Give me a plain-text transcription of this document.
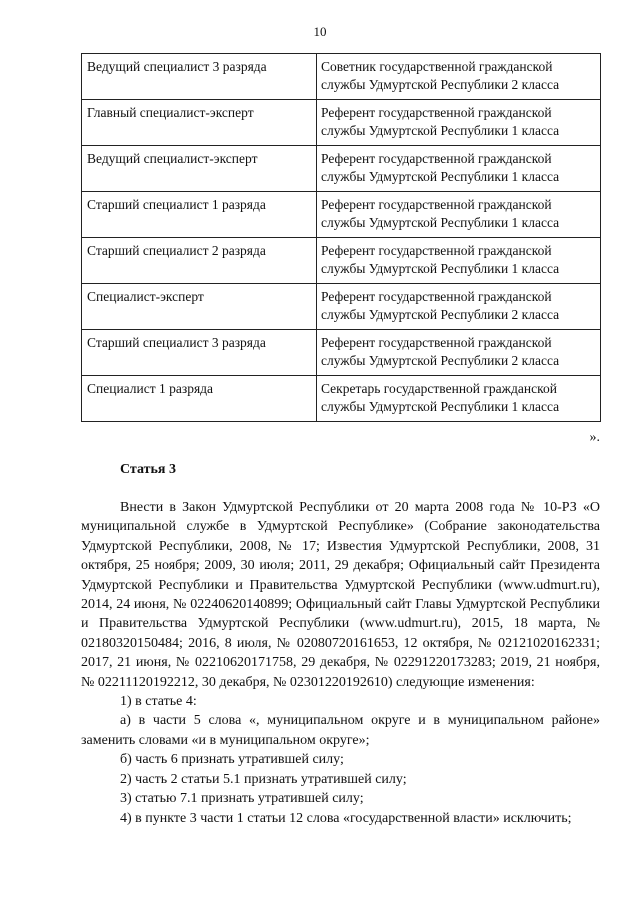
10
Ведущий специалист 3 разряда	Советник государственной гражданской службы Удмуртской Республики 2 класса
Главный специалист-эксперт	Референт государственной гражданской службы Удмуртской Республики 1 класса
Ведущий специалист-эксперт	Референт государственной гражданской службы Удмуртской Республики 1 класса
Старший специалист 1 разряда	Референт государственной гражданской службы Удмуртской Республики 1 класса
Старший специалист 2 разряда	Референт государственной гражданской службы Удмуртской Республики 1 класса
Специалист-эксперт	Референт государственной гражданской службы Удмуртской Республики 2 класса
Старший специалист 3 разряда	Референт государственной гражданской службы Удмуртской Республики 2 класса
Специалист 1 разряда	Секретарь государственной гражданской службы Удмуртской Республики 1 класса
».
Статья 3

Внести в Закон Удмуртской Республики от 20 марта 2008 года № 10-РЗ «О муниципальной службе в Удмуртской Республике» (Собрание законодательства Удмуртской Республики, 2008, № 17; Известия Удмуртской Республики, 2008, 31 октября, 25 ноября; 2009, 30 июля; 2011, 29 декабря; Официальный сайт Президента Удмуртской Республики и Правительства Удмуртской Республики (www.udmurt.ru), 2014, 24 июня, № 02240620140899; Официальный сайт Главы Удмуртской Республики и Правительства Удмуртской Республики (www.udmurt.ru), 2015, 18 марта, № 02180320150484; 2016, 8 июля, № 02080720161653, 12 октября, № 02121020162331; 2017, 21 июня, № 02210620171758, 29 декабря, № 02291220173283; 2019, 21 ноября, № 02211120192212, 30 декабря, № 02301220192610) следующие изменения:

1) в статье 4:

а) в части 5 слова «, муниципальном округе и в муниципальном районе» заменить словами «и в муниципальном округе»;

б) часть 6 признать утратившей силу;

2) часть 2 статьи 5.1 признать утратившей силу;

3) статью 7.1 признать утратившей силу;

4) в пункте 3 части 1 статьи 12 слова «государственной власти» исключить;
